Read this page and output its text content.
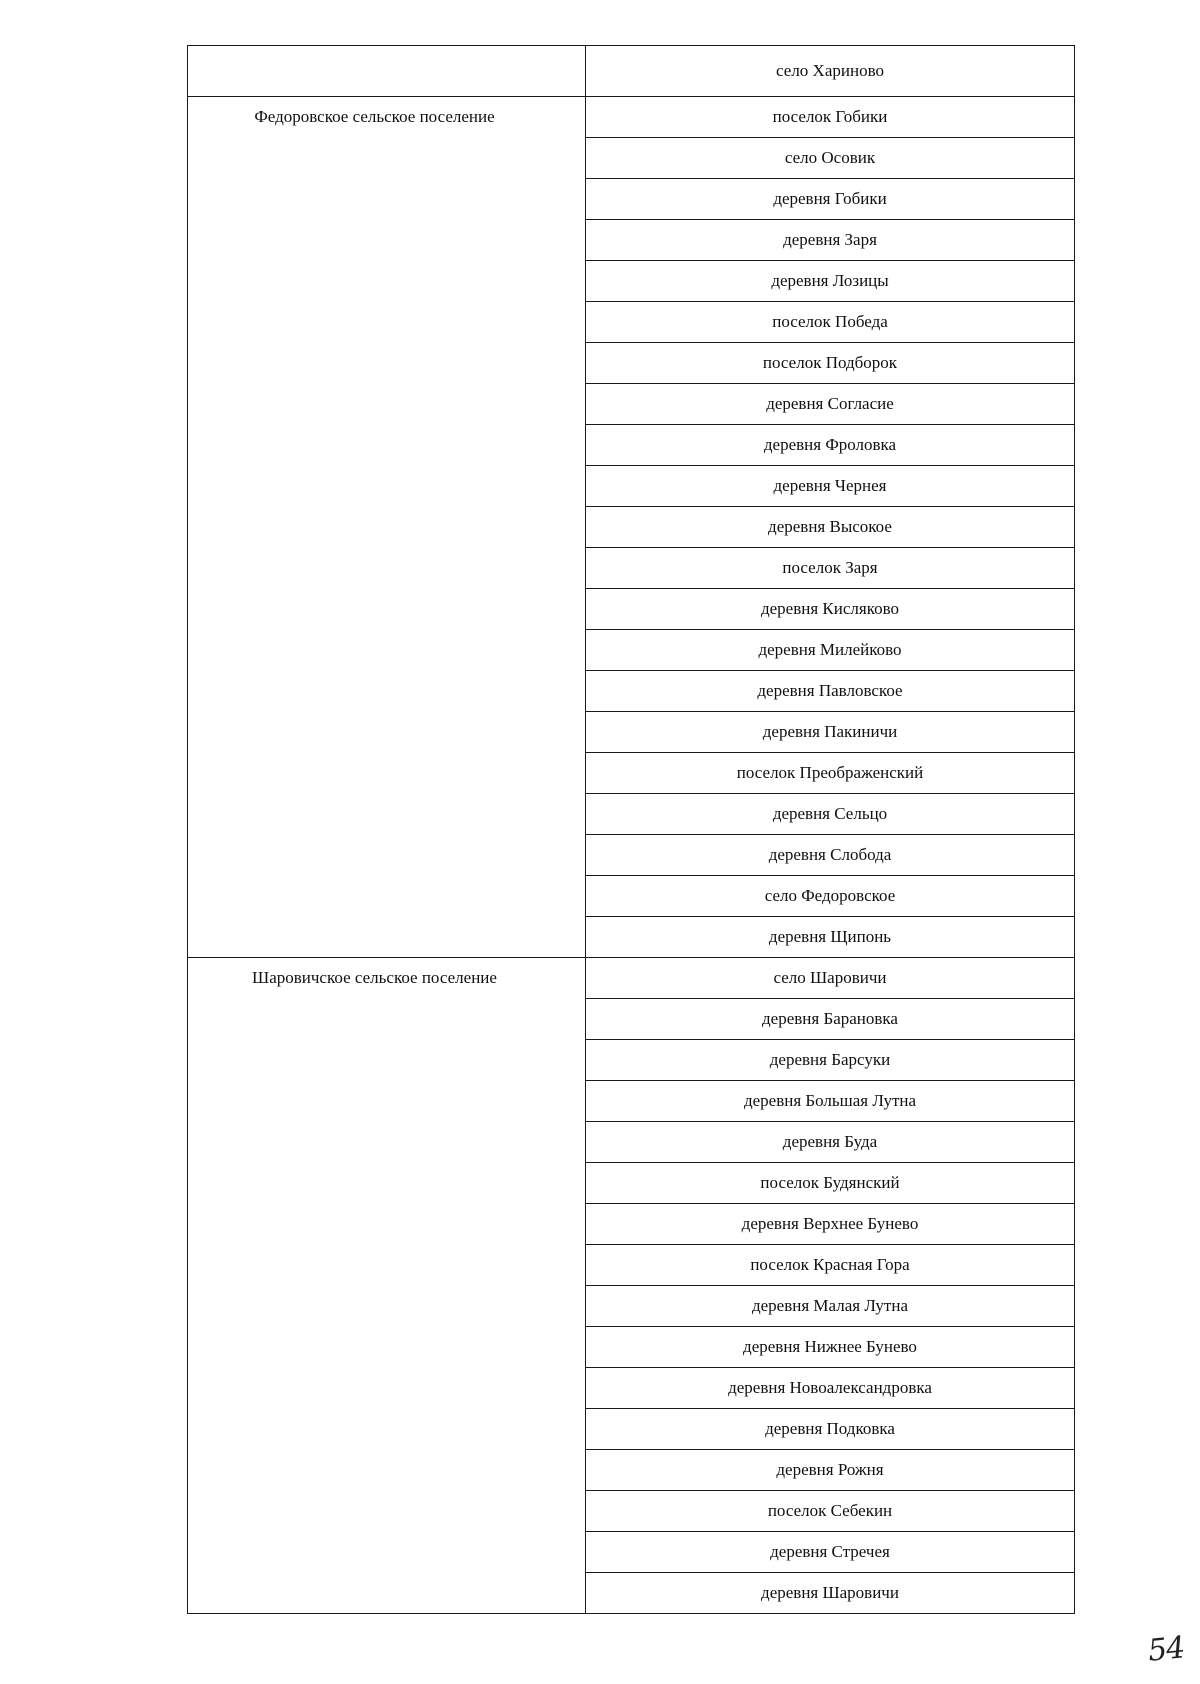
	село Хариново
Федоровское сельское поселение	поселок Гобики
	село Осовик
	деревня Гобики
	деревня Заря
	деревня Лозицы
	поселок Победа
	поселок Подборок
	деревня Согласие
	деревня Фроловка
	деревня Чернея
	деревня Высокое
	поселок Заря
	деревня Кисляково
	деревня Милейково
	деревня Павловское
	деревня Пакиничи
	поселок Преображенский
	деревня Сельцо
	деревня Слобода
	село Федоровское
	деревня Щипонь
Шаровичское сельское поселение	село Шаровичи
	деревня Барановка
	деревня Барсуки
	деревня Большая Лутна
	деревня Буда
	поселок Будянский
	деревня Верхнее Бунево
	поселок Красная Гора
	деревня Малая Лутна
	деревня Нижнее Бунево
	деревня Новоалександровка
	деревня Подковка
	деревня Рожня
	поселок Себекин
	деревня Стречея
	деревня Шаровичи
54
